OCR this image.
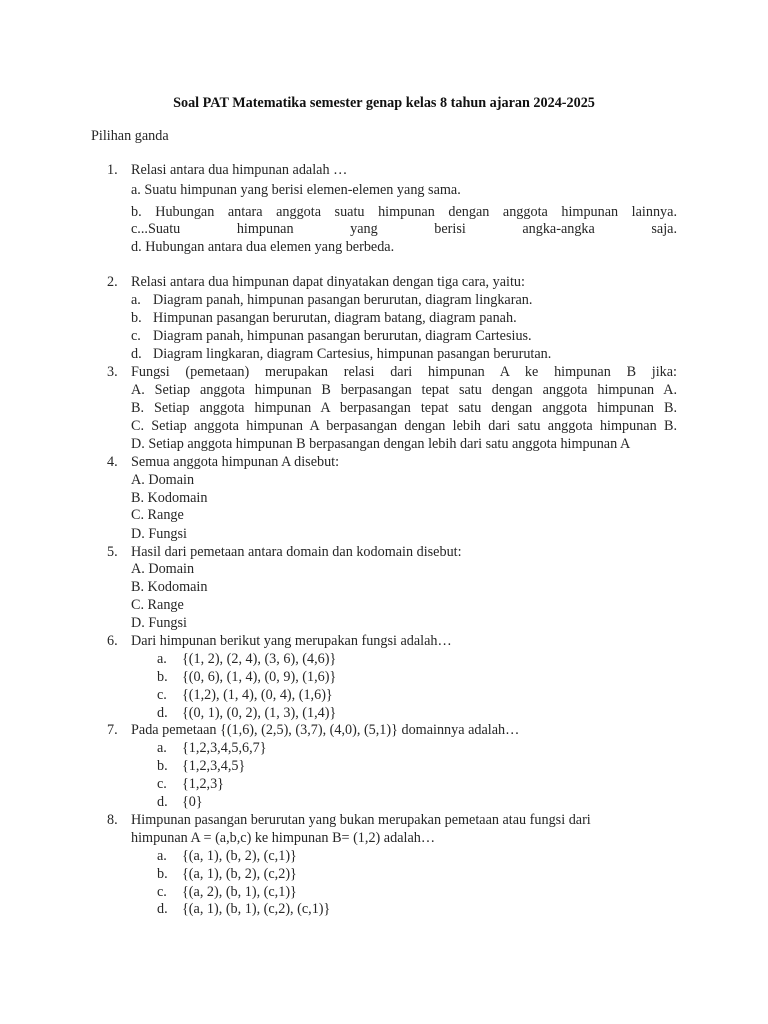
Soal PAT Matematika semester genap kelas 8 tahun ajaran 2024-2025
Pilihan ganda
1. Relasi antara dua himpunan adalah …
a. Suatu himpunan yang berisi elemen-elemen yang sama.
b. Hubungan antara anggota suatu himpunan dengan anggota himpunan lainnya.
c...Suatu himpunan yang berisi angka-angka saja.
d. Hubungan antara dua elemen yang berbeda.
2. Relasi antara dua himpunan dapat dinyatakan dengan tiga cara, yaitu:
a. Diagram panah, himpunan pasangan berurutan, diagram lingkaran.
b. Himpunan pasangan berurutan, diagram batang, diagram panah.
c. Diagram panah, himpunan pasangan berurutan, diagram Cartesius.
d. Diagram lingkaran, diagram Cartesius, himpunan pasangan berurutan.
3. Fungsi (pemetaan) merupakan relasi dari himpunan A ke himpunan B jika:
A. Setiap anggota himpunan B berpasangan tepat satu dengan anggota himpunan A.
B. Setiap anggota himpunan A berpasangan tepat satu dengan anggota himpunan B.
C. Setiap anggota himpunan A berpasangan dengan lebih dari satu anggota himpunan B.
D. Setiap anggota himpunan B berpasangan dengan lebih dari satu anggota himpunan A
4. Semua anggota himpunan A disebut:
A. Domain
B. Kodomain
C. Range
D. Fungsi
5. Hasil dari pemetaan antara domain dan kodomain disebut:
A. Domain
B. Kodomain
C. Range
D. Fungsi
6. Dari himpunan berikut yang merupakan fungsi adalah…
a. {(1, 2), (2, 4), (3, 6), (4,6)}
b. {(0, 6), (1, 4), (0, 9), (1,6)}
c. {(1,2), (1, 4), (0, 4), (1,6)}
d. {(0, 1), (0, 2), (1, 3), (1,4)}
7. Pada pemetaan {(1,6), (2,5), (3,7), (4,0), (5,1)} domainnya adalah…
a. {1,2,3,4,5,6,7}
b. {1,2,3,4,5}
c. {1,2,3}
d. {0}
8. Himpunan pasangan berurutan yang bukan merupakan pemetaan atau fungsi dari
himpunan A = (a,b,c) ke himpunan B= (1,2) adalah…
a. {(a, 1), (b, 2), (c,1)}
b. {(a, 1), (b, 2), (c,2)}
c. {(a, 2), (b, 1), (c,1)}
d. {(a, 1), (b, 1), (c,2), (c,1)}
